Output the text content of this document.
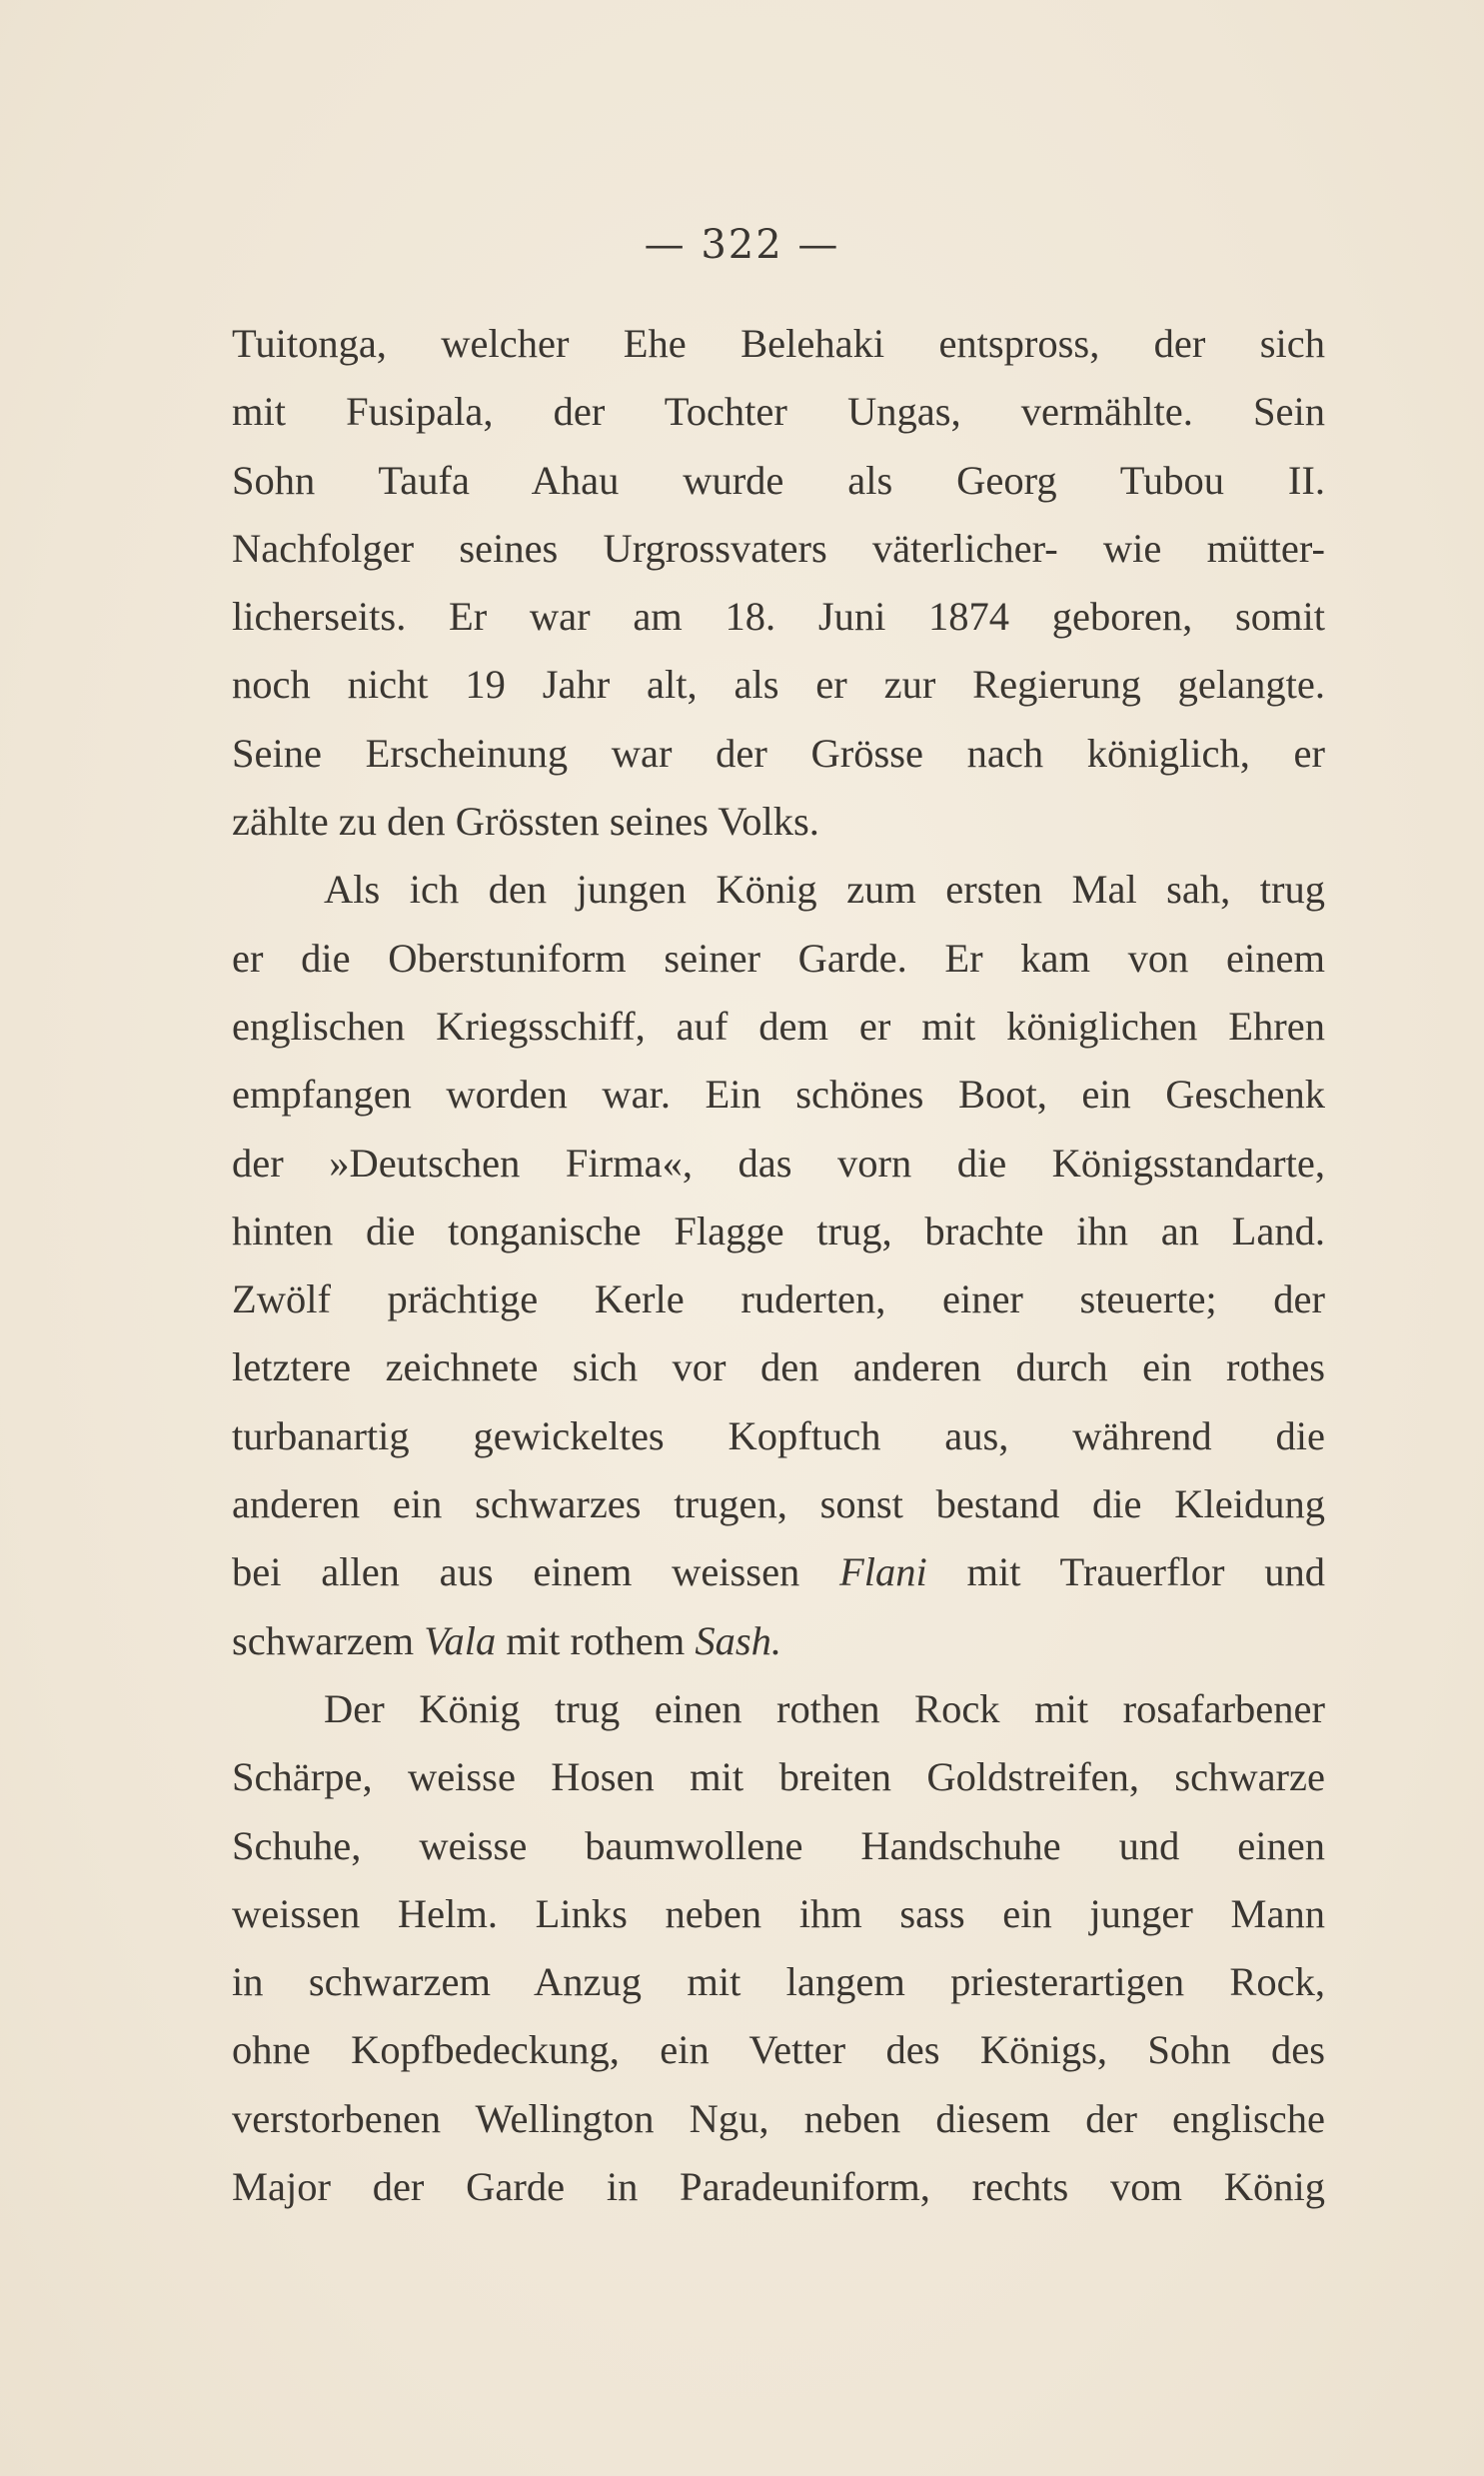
— 322 —
Tuitonga, welcher Ehe Belehaki entspross, der sich
mit Fusipala, der Tochter Ungas, vermählte. Sein
Sohn Taufa Ahau wurde als Georg Tubou II.
Nachfolger seines Urgrossvaters väterlicher- wie mütter-
licherseits. Er war am 18. Juni 1874 geboren, somit
noch nicht 19 Jahr alt, als er zur Regierung gelangte.
Seine Erscheinung war der Grösse nach königlich, er
zählte zu den Grössten seines Volks.
Als ich den jungen König zum ersten Mal sah, trug
er die Oberstuniform seiner Garde. Er kam von einem
englischen Kriegsschiff, auf dem er mit königlichen Ehren
empfangen worden war. Ein schönes Boot, ein Geschenk
der »Deutschen Firma«, das vorn die Königsstandarte,
hinten die tonganische Flagge trug, brachte ihn an Land.
Zwölf prächtige Kerle ruderten, einer steuerte; der
letztere zeichnete sich vor den anderen durch ein rothes
turbanartig gewickeltes Kopftuch aus, während die
anderen ein schwarzes trugen, sonst bestand die Kleidung
bei allen aus einem weissen Flani mit Trauerflor und
schwarzem Vala mit rothem Sash.
Der König trug einen rothen Rock mit rosafarbener
Schärpe, weisse Hosen mit breiten Goldstreifen, schwarze
Schuhe, weisse baumwollene Handschuhe und einen
weissen Helm. Links neben ihm sass ein junger Mann
in schwarzem Anzug mit langem priesterartigen Rock,
ohne Kopfbedeckung, ein Vetter des Königs, Sohn des
verstorbenen Wellington Ngu, neben diesem der englische
Major der Garde in Paradeuniform, rechts vom König
